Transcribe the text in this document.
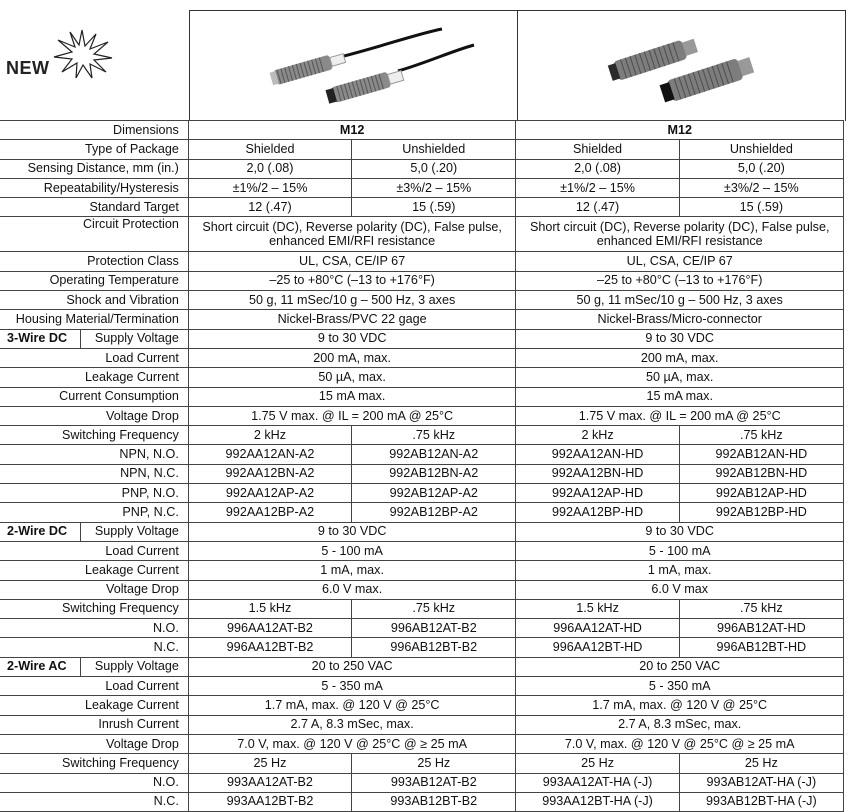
NEW
Dimensions		M12		M12	
Type of Package		Shielded	Unshielded	Shielded	Unshielded
Sensing Distance, mm (in.)		2,0 (.08)	5,0 (.20)	2,0 (.08)	5,0 (.20)
Repeatability/Hysteresis		±1%/2 – 15%	±3%/2 – 15%	±1%/2 – 15%	±3%/2 – 15%
Standard Target		12 (.47)	15 (.59)	12 (.47)	15 (.59)
Circuit Protection		Short circuit (DC), Reverse polarity (DC), False pulse, enhanced EMI/RFI resistance		Short circuit (DC), Reverse polarity (DC), False pulse, enhanced EMI/RFI resistance	
Protection Class		UL, CSA, CE/IP 67		UL, CSA, CE/IP 67	
Operating Temperature		–25 to +80°C (–13 to +176°F)		–25 to +80°C (–13 to +176°F)	
Shock and Vibration		50 g, 11 mSec/10 g – 500 Hz, 3 axes		50 g, 11 mSec/10 g – 500 Hz, 3 axes	
Housing Material/Termination		Nickel-Brass/PVC 22 gage		Nickel-Brass/Micro-connector	
3-Wire DC	Supply Voltage	9 to 30 VDC		9 to 30 VDC	
Load Current		200 mA, max.		200 mA, max.	
Leakage Current		50 µA, max.		50 µA, max.	
Current Consumption		15 mA max.		15 mA max.	
Voltage Drop		1.75 V max. @ IL = 200 mA @ 25°C		1.75 V max. @ IL = 200 mA @ 25°C	
Switching Frequency		2 kHz	.75 kHz	2 kHz	.75 kHz
NPN, N.O.		992AA12AN-A2	992AB12AN-A2	992AA12AN-HD	992AB12AN-HD
NPN, N.C.		992AA12BN-A2	992AB12BN-A2	992AA12BN-HD	992AB12BN-HD
PNP, N.O.		992AA12AP-A2	992AB12AP-A2	992AA12AP-HD	992AB12AP-HD
PNP, N.C.		992AA12BP-A2	992AB12BP-A2	992AA12BP-HD	992AB12BP-HD
2-Wire DC	Supply Voltage	9 to 30 VDC		9 to 30 VDC	
Load Current		5 - 100 mA		5 - 100 mA	
Leakage Current		1 mA, max.		1 mA, max.	
Voltage Drop		6.0 V max.		6.0 V max	
Switching Frequency		1.5 kHz	.75 kHz	1.5 kHz	.75 kHz
N.O.		996AA12AT-B2	996AB12AT-B2	996AA12AT-HD	996AB12AT-HD
N.C.		996AA12BT-B2	996AB12BT-B2	996AA12BT-HD	996AB12BT-HD
2-Wire AC	Supply Voltage	20 to 250 VAC		20 to 250 VAC	
Load Current		5 - 350 mA		5 - 350 mA	
Leakage Current		1.7 mA, max. @ 120 V @ 25°C		1.7 mA, max. @ 120 V @ 25°C	
Inrush Current		2.7 A, 8.3 mSec, max.		2.7 A, 8.3 mSec, max.	
Voltage Drop		7.0 V, max. @ 120 V @ 25°C @ ≥ 25 mA		7.0 V, max. @ 120 V @ 25°C @ ≥ 25 mA	
Switching Frequency		25 Hz	25 Hz	25 Hz	25 Hz
N.O.		993AA12AT-B2	993AB12AT-B2	993AA12AT-HA (-J)	993AB12AT-HA (-J)
N.C.		993AA12BT-B2	993AB12BT-B2	993AA12BT-HA (-J)	993AB12BT-HA (-J)
